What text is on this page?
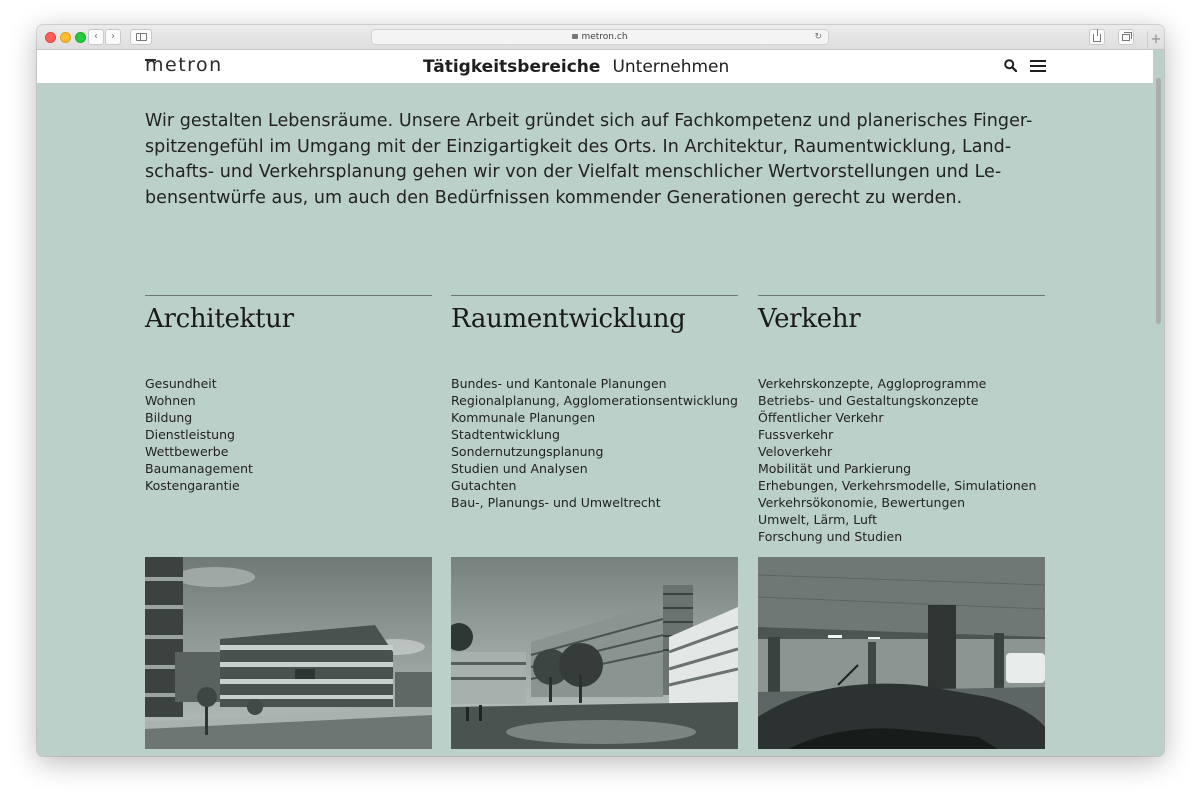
‹ ›	metron.ch	↻	+
metron	Tätigkeitsbereiche Unternehmen
Wir gestalten Lebensräume. Unsere Arbeit gründet sich auf Fachkompetenz und planerisches Finger-
spitzengefühl im Umgang mit der Einzigartigkeit des Orts. In Architektur, Raumentwicklung, Land-
schafts- und Verkehrsplanung gehen wir von der Vielfalt menschlicher Wertvorstellungen und Le-
bensentwürfe aus, um auch den Bedürfnissen kommender Generationen gerecht zu werden.
Architektur
Gesundheit
Wohnen
Bildung
Dienstleistung
Wettbewerbe
Baumanagement
Kostengarantie
Raumentwicklung
Bundes- und Kantonale Planungen
Regionalplanung, Agglomerationsentwicklung
Kommunale Planungen
Stadtentwicklung
Sondernutzungsplanung
Studien und Analysen
Gutachten
Bau-, Planungs- und Umweltrecht
Verkehr
Verkehrskonzepte, Aggloprogramme
Betriebs- und Gestaltungskonzepte
Öffentlicher Verkehr
Fussverkehr
Veloverkehr
Mobilität und Parkierung
Erhebungen, Verkehrsmodelle, Simulationen
Verkehrsökonomie, Bewertungen
Umwelt, Lärm, Luft
Forschung und Studien
